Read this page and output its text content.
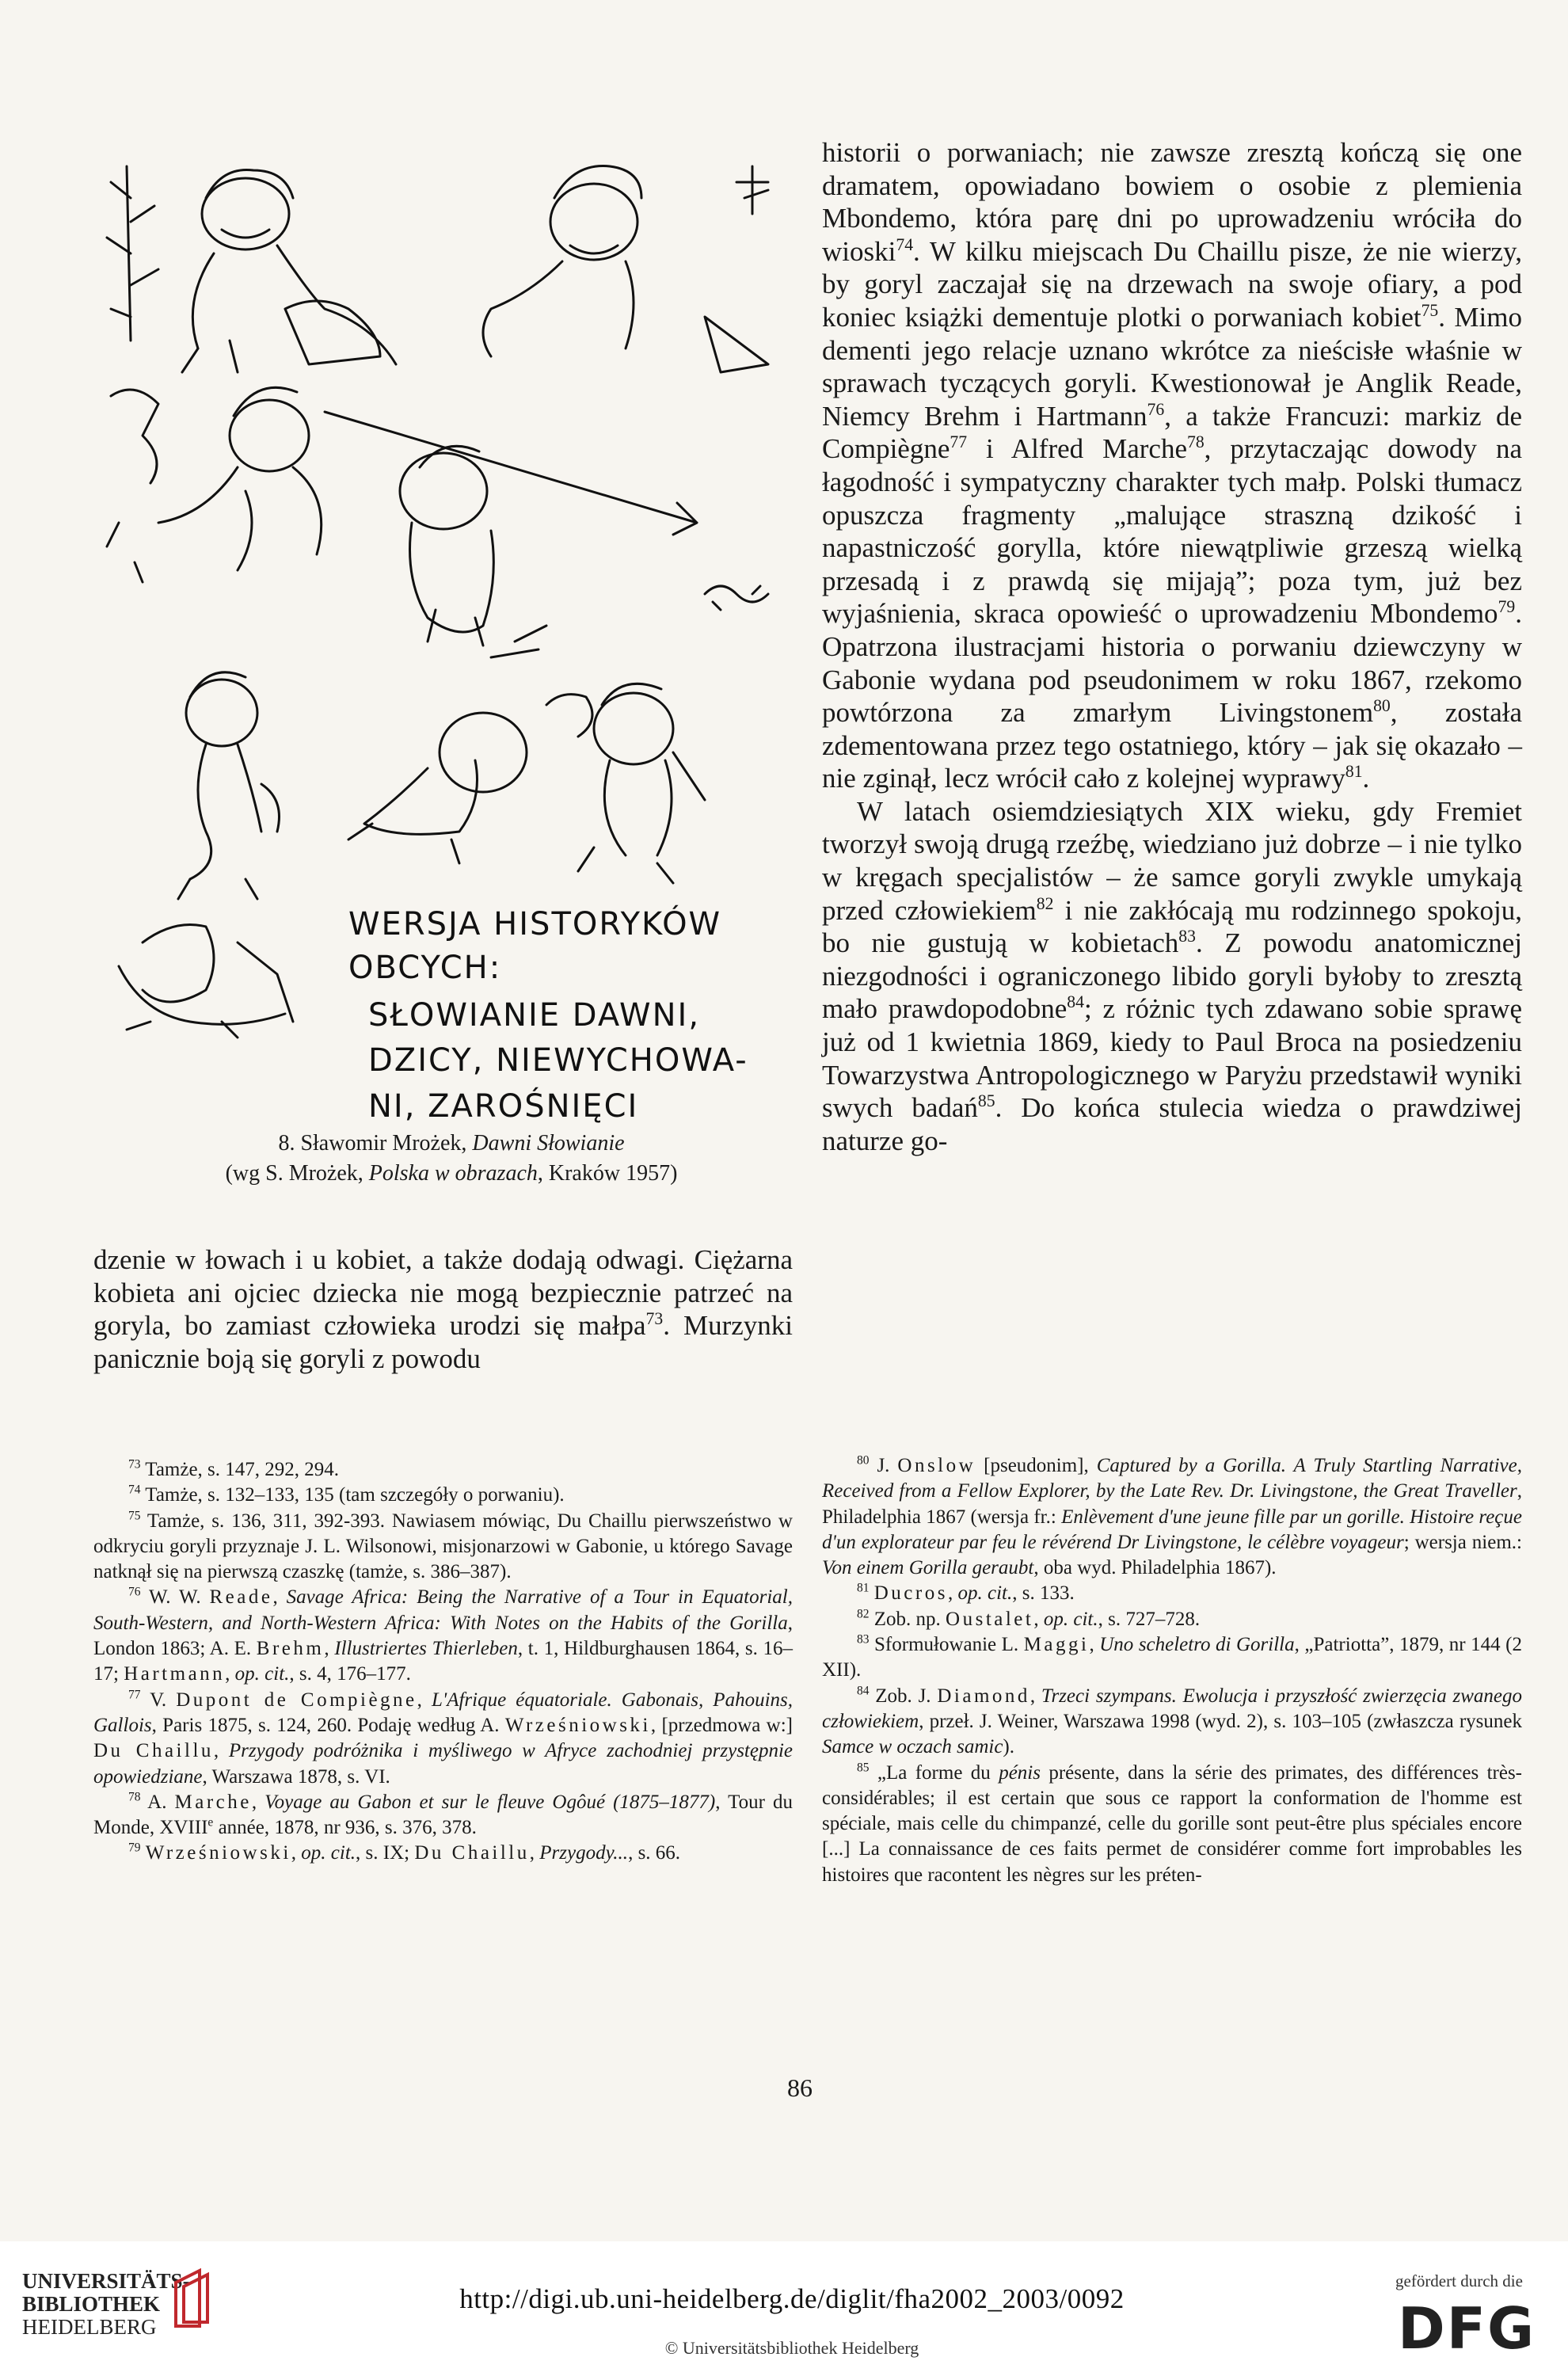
WERSJA HISTORYKÓW
OBCYCH:
SŁOWIANIE DAWNI,
DZICY, NIEWYCHOWA-
NI, ZAROŚNIĘCI
8. Sławomir Mrożek, Dawni Słowianie
(wg S. Mrożek, Polska w obrazach, Kraków 1957)

dzenie w łowach i u kobiet, a także dodają odwagi. Ciężarna kobieta ani ojciec dziecka nie mogą bezpiecznie patrzeć na goryla, bo zamiast człowieka urodzi się małpa$^{73}$. Murzynki panicznie boją się goryli z powodu

historii o porwaniach; nie zawsze zresztą kończą się one dramatem, opowiadano bowiem o osobie z plemienia Mbondemo, która parę dni po uprowadzeniu wróciła do wioski$^{74}$. W kilku miejscach Du Chaillu pisze, że nie wierzy, by goryl zaczajał się na drzewach na swoje ofiary, a pod koniec książki dementuje plotki o porwaniach kobiet$^{75}$. Mimo dementi jego relacje uznano wkrótce za nieścisłe właśnie w sprawach tyczących goryli. Kwestionował je Anglik Reade, Niemcy Brehm i Hartmann$^{76}$, a także Francuzi: markiz de Compiègne$^{77}$ i Alfred Marche$^{78}$, przytaczając dowody na łagodność i sympatyczny charakter tych małp. Polski tłumacz opuszcza fragmenty „malujące straszną dzikość i napastniczość gorylla, które niewątpliwie grzeszą wielką przesadą i z prawdą się mijają”; poza tym, już bez wyjaśnienia, skraca opowieść o uprowadzeniu Mbondemo$^{79}$. Opatrzona ilustracjami historia o porwaniu dziewczyny w Gabonie wydana pod pseudonimem w roku 1867, rzekomo powtórzona za zmarłym Livingstonem$^{80}$, została zdementowana przez tego ostatniego, który – jak się okazało – nie zginął, lecz wrócił cało z kolejnej wyprawy$^{81}$.

W latach osiemdziesiątych XIX wieku, gdy Fremiet tworzył swoją drugą rzeźbę, wiedziano już dobrze – i nie tylko w kręgach specjalistów – że samce goryli zwykle umykają przed człowiekiem$^{82}$ i nie zakłócają mu rodzinnego spokoju, bo nie gustują w kobietach$^{83}$. Z powodu anatomicznej niezgodności i ograniczonego libido goryli byłoby to zresztą mało prawdopodobne$^{84}$; z różnic tych zdawano sobie sprawę już od 1 kwietnia 1869, kiedy to Paul Broca na posiedzeniu Towarzystwa Antropologicznego w Paryżu przedstawił wyniki swych badań$^{85}$. Do końca stulecia wiedza o prawdziwej naturze go-

$^{73}$ Tamże, s. 147, 292, 294.

$^{74}$ Tamże, s. 132–133, 135 (tam szczegóły o porwaniu).

$^{75}$ Tamże, s. 136, 311, 392-393. Nawiasem mówiąc, Du Chaillu pierwszeństwo w odkryciu goryli przyznaje J. L. Wilsonowi, misjonarzowi w Gabonie, u którego Savage natknął się na pierwszą czaszkę (tamże, s. 386–387).

$^{76}$ W. W. Reade, Savage Africa: Being the Narrative of a Tour in Equatorial, South-Western, and North-Western Africa: With Notes on the Habits of the Gorilla, London 1863; A. E. Brehm, Illustriertes Thierleben, t. 1, Hildburghausen 1864, s. 16–17; Hartmann, op. cit., s. 4, 176–177.

$^{77}$ V. Dupont de Compiègne, L'Afrique équatoriale. Gabonais, Pahouins, Gallois, Paris 1875, s. 124, 260. Podaję według A. Wrześniowski, [przedmowa w:] Du Chaillu, Przygody podróżnika i myśliwego w Afryce zachodniej przystępnie opowiedziane, Warszawa 1878, s. VI.

$^{78}$ A. Marche, Voyage au Gabon et sur le fleuve Ogôué (1875–1877), Tour du Monde, XVIIIe année, 1878, nr 936, s. 376, 378.

$^{79}$ Wrześniowski, op. cit., s. IX; Du Chaillu, Przygody..., s. 66.

$^{80}$ J. Onslow [pseudonim], Captured by a Gorilla. A Truly Startling Narrative, Received from a Fellow Explorer, by the Late Rev. Dr. Livingstone, the Great Traveller, Philadelphia 1867 (wersja fr.: Enlèvement d'une jeune fille par un gorille. Histoire reçue d'un explorateur par feu le révérend Dr Livingstone, le célèbre voyageur; wersja niem.: Von einem Gorilla geraubt, oba wyd. Philadelphia 1867).

$^{81}$ Ducros, op. cit., s. 133.

$^{82}$ Zob. np. Oustalet, op. cit., s. 727–728.

$^{83}$ Sformułowanie L. Maggi, Uno scheletro di Gorilla, „Patriotta”, 1879, nr 144 (2 XII).

$^{84}$ Zob. J. Diamond, Trzeci szympans. Ewolucja i przyszłość zwierzęcia zwanego człowiekiem, przeł. J. Weiner, Warszawa 1998 (wyd. 2), s. 103–105 (zwłaszcza rysunek Samce w oczach samic).

$^{85}$ „La forme du pénis présente, dans la série des primates, des différences très-considérables; il est certain que sous ce rapport la conformation de l'homme est spéciale, mais celle du chimpanzé, celle du gorille sont peut-être plus spéciales encore [...] La connaissance de ces faits permet de considérer comme fort improbables les histoires que racontent les nègres sur les préten-

86
UNIVERSITÄTS-
BIBLIOTHEK
HEIDELBERG
http://digi.ub.uni-heidelberg.de/diglit/fha2002_2003/0092
© Universitätsbibliothek Heidelberg
gefördert durch die
DFG
